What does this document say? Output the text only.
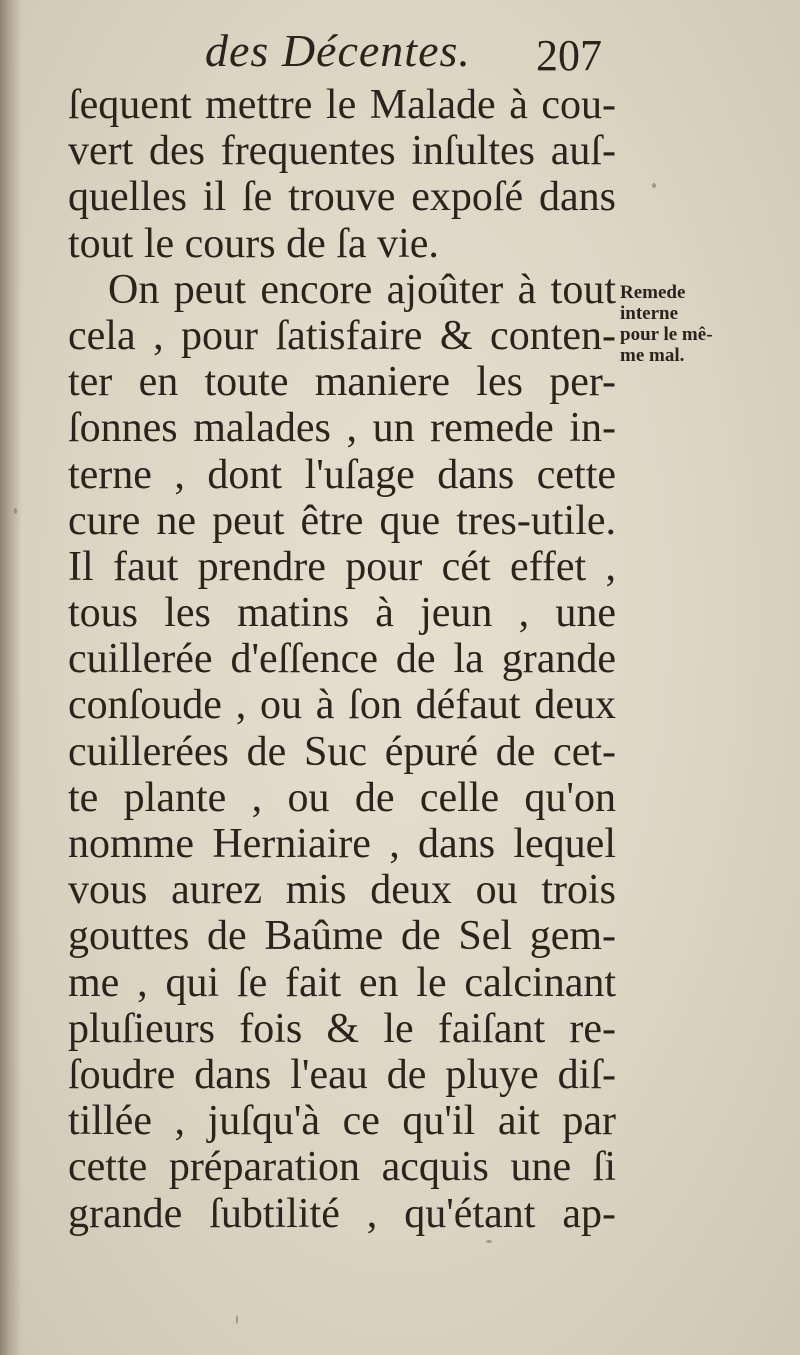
des Décentes. 207
ſequent mettre le Malade à cou-
vert des frequentes inſultes auſ-
quelles il ſe trouve expoſé dans
tout le cours de ſa vie.
On peut encore ajoûter à tout
cela , pour ſatisfaire & conten-
ter en toute maniere les per-
ſonnes malades , un remede in-
terne , dont l'uſage dans cette
cure ne peut être que tres-utile.
Il faut prendre pour cét effet ,
tous les matins à jeun , une
cuillerée d'eſſence de la grande
conſoude , ou à ſon défaut deux
cuillerées de Suc épuré de cet-
te plante , ou de celle qu'on
nomme Herniaire , dans lequel
vous aurez mis deux ou trois
gouttes de Baûme de Sel gem-
me , qui ſe fait en le calcinant
pluſieurs fois & le faiſant re-
ſoudre dans l'eau de pluye diſ-
tillée , juſqu'à ce qu'il ait par
cette préparation acquis une ſi
grande ſubtilité , qu'étant ap-
Remede
interne
pour le mê-
me mal.
